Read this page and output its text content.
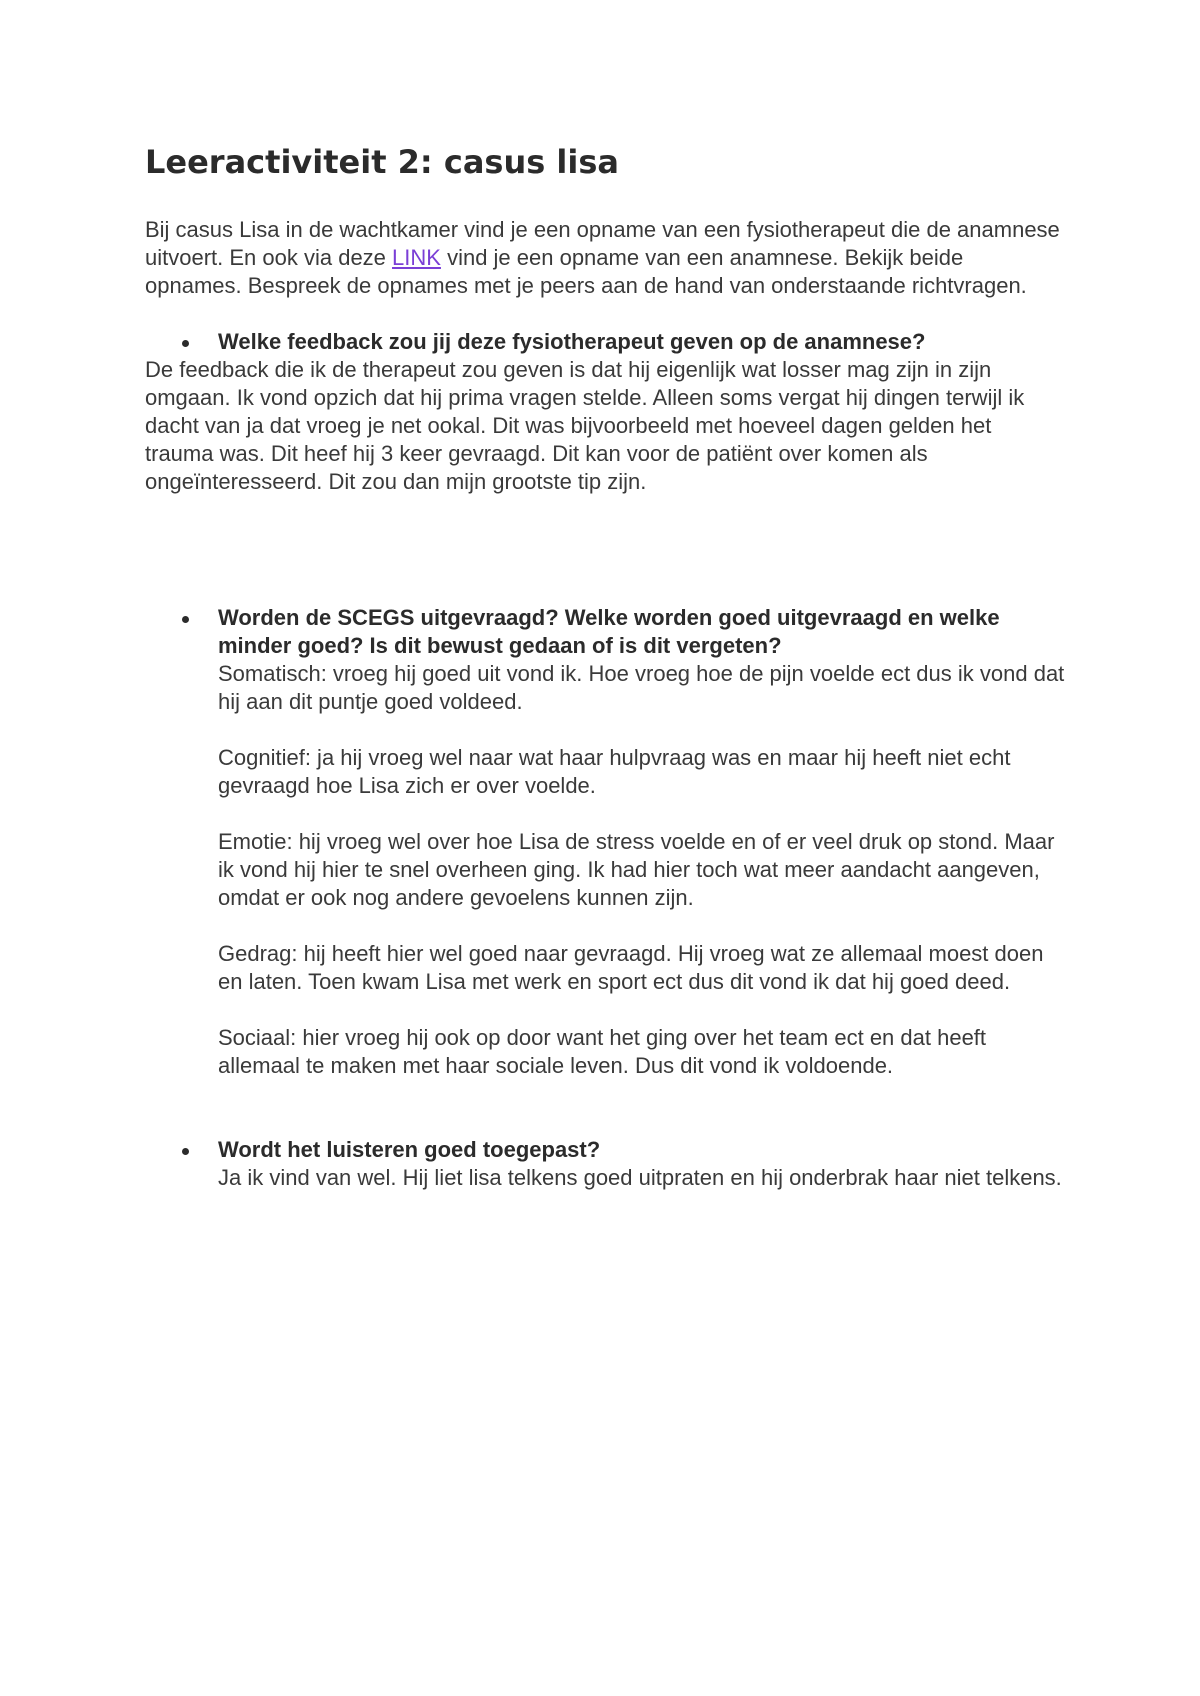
Leeractiviteit 2: casus lisa

Bij casus Lisa in de wachtkamer vind je een opname van een fysiotherapeut die de anamnese uitvoert. En ook via deze LINK vind je een opname van een anamnese. Bekijk beide opnames. Bespreek de opnames met je peers aan de hand van onderstaande richtvragen.

Welke feedback zou jij deze fysiotherapeut geven op de anamnese?

De feedback die ik de therapeut zou geven is dat hij eigenlijk wat losser mag zijn in zijn omgaan. Ik vond opzich dat hij prima vragen stelde. Alleen soms vergat hij dingen terwijl ik dacht van ja dat vroeg je net ookal. Dit was bijvoorbeeld met hoeveel dagen gelden het trauma was. Dit heef hij 3 keer gevraagd. Dit kan voor de patiënt over komen als ongeïnteresseerd. Dit zou dan mijn grootste tip zijn.

Worden de SCEGS uitgevraagd? Welke worden goed uitgevraagd en welke minder goed? Is dit bewust gedaan of is dit vergeten?

Somatisch: vroeg hij goed uit vond ik. Hoe vroeg hoe de pijn voelde ect dus ik vond dat hij aan dit puntje goed voldeed.

Cognitief: ja hij vroeg wel naar wat haar hulpvraag was en maar hij heeft niet echt gevraagd hoe Lisa zich er over voelde.

Emotie: hij vroeg wel over hoe Lisa de stress voelde en of er veel druk op stond. Maar ik vond hij hier te snel overheen ging. Ik had hier toch wat meer aandacht aangeven, omdat er ook nog andere gevoelens kunnen zijn.

Gedrag: hij heeft hier wel goed naar gevraagd. Hij vroeg wat ze allemaal moest doen en laten. Toen kwam Lisa met werk en sport ect dus dit vond ik dat hij goed deed.

Sociaal: hier vroeg hij ook op door want het ging over het team ect en dat heeft allemaal te maken met haar sociale leven. Dus dit vond ik voldoende.

Wordt het luisteren goed toegepast?

Ja ik vind van wel. Hij liet lisa telkens goed uitpraten en hij onderbrak haar niet telkens.
